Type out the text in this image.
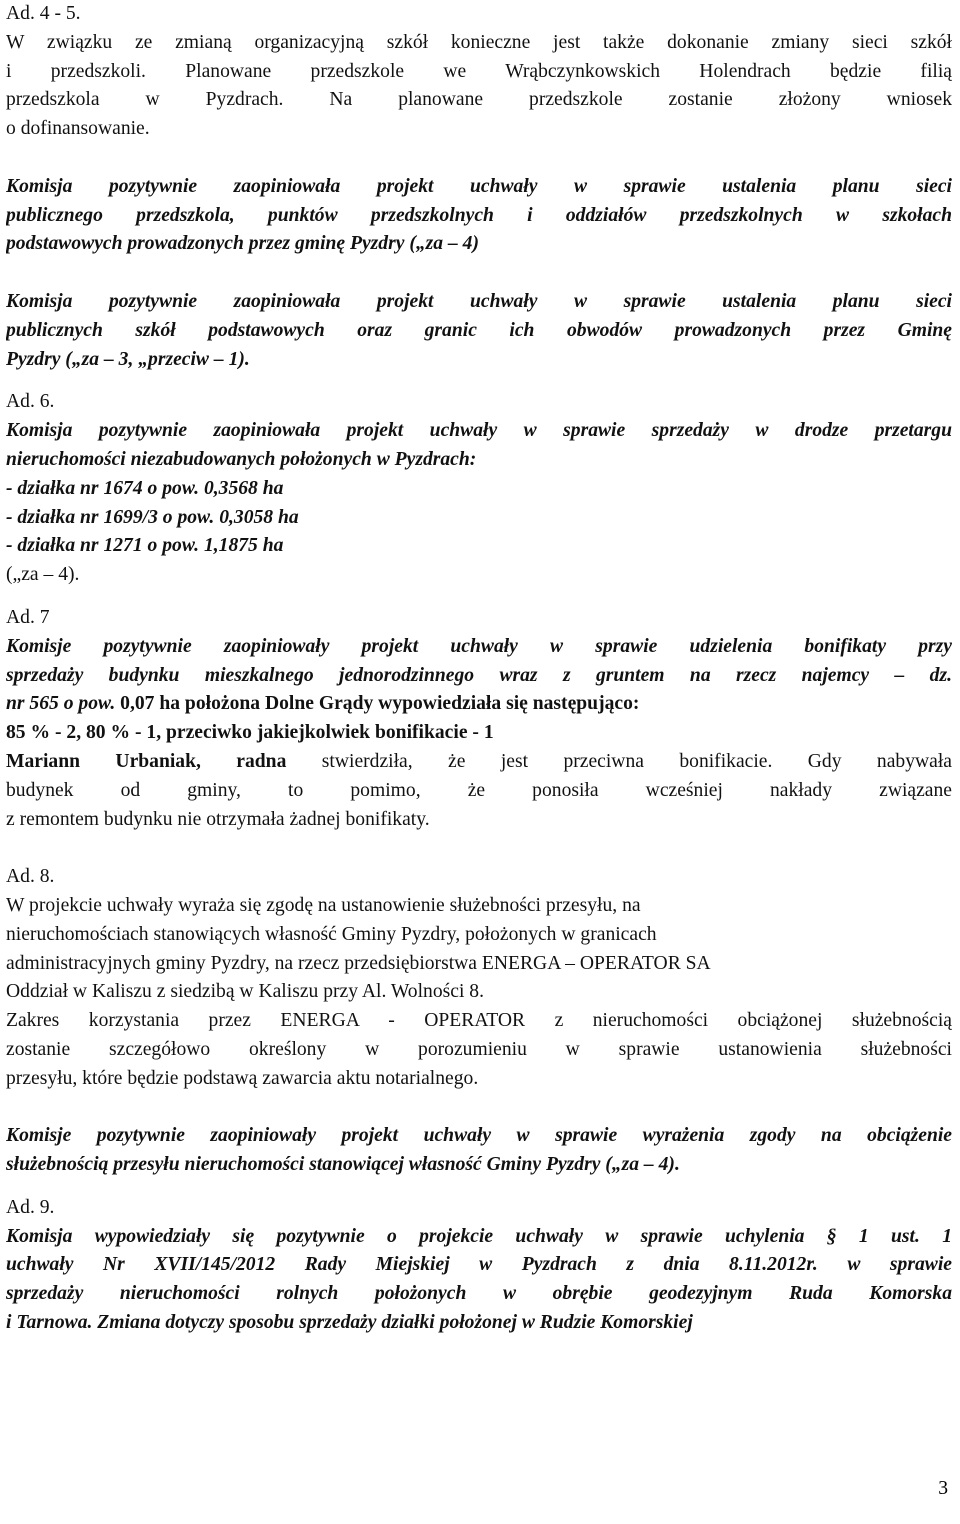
Ad. 4 - 5.
W związku ze zmianą organizacyjną szkół konieczne jest także dokonanie zmiany sieci szkół
i przedszkoli. Planowane przedszkole we Wrąbczynkowskich Holendrach będzie filią
przedszkola w Pyzdrach. Na planowane przedszkole zostanie złożony wniosek
o dofinansowanie.
Komisja pozytywnie zaopiniowała projekt uchwały w sprawie ustalenia planu sieci
publicznego przedszkola, punktów przedszkolnych i oddziałów przedszkolnych w szkołach
podstawowych prowadzonych przez gminę Pyzdry („za – 4)
Komisja pozytywnie zaopiniowała projekt uchwały w sprawie ustalenia planu sieci
publicznych szkół podstawowych oraz granic ich obwodów prowadzonych przez Gminę
Pyzdry („za – 3, „przeciw – 1).
Ad. 6.
Komisja pozytywnie zaopiniowała projekt uchwały w sprawie sprzedaży w drodze przetargu
nieruchomości niezabudowanych położonych w Pyzdrach:
- działka nr 1674 o pow. 0,3568 ha
- działka nr 1699/3 o pow. 0,3058 ha
- działka nr 1271 o pow. 1,1875 ha
(„za – 4).
Ad. 7
Komisje pozytywnie zaopiniowały projekt uchwały w sprawie udzielenia bonifikaty przy
sprzedaży budynku mieszkalnego jednorodzinnego wraz z gruntem na rzecz najemcy – dz.
nr 565 o pow. 0,07 ha położona Dolne Grądy wypowiedziała się następująco:
85 % - 2, 80 % - 1, przeciwko jakiejkolwiek bonifikacie - 1
Mariann Urbaniak, radna stwierdziła, że jest przeciwna bonifikacie. Gdy nabywała
budynek od gminy, to pomimo, że ponosiła wcześniej nakłady związane
z remontem budynku nie otrzymała żadnej bonifikaty.
Ad. 8.
W projekcie uchwały wyraża się zgodę na ustanowienie służebności przesyłu, na
nieruchomościach stanowiących własność Gminy Pyzdry, położonych w granicach
administracyjnych gminy Pyzdry, na rzecz przedsiębiorstwa ENERGA – OPERATOR SA
Oddział w Kaliszu z siedzibą w Kaliszu przy Al. Wolności 8.
Zakres korzystania przez ENERGA - OPERATOR z nieruchomości obciążonej służebnością
zostanie szczegółowo określony w porozumieniu w sprawie ustanowienia służebności
przesyłu, które będzie podstawą zawarcia aktu notarialnego.
Komisje pozytywnie zaopiniowały projekt uchwały w sprawie wyrażenia zgody na obciążenie
służebnością przesyłu nieruchomości stanowiącej własność Gminy Pyzdry („za – 4).
Ad. 9.
Komisja wypowiedziały się pozytywnie o projekcie uchwały w sprawie uchylenia § 1 ust. 1
uchwały Nr XVII/145/2012 Rady Miejskiej w Pyzdrach z dnia 8.11.2012r. w sprawie
sprzedaży nieruchomości rolnych położonych w obrębie geodezyjnym Ruda Komorska
i Tarnowa. Zmiana dotyczy sposobu sprzedaży działki położonej w Rudzie Komorskiej
3
